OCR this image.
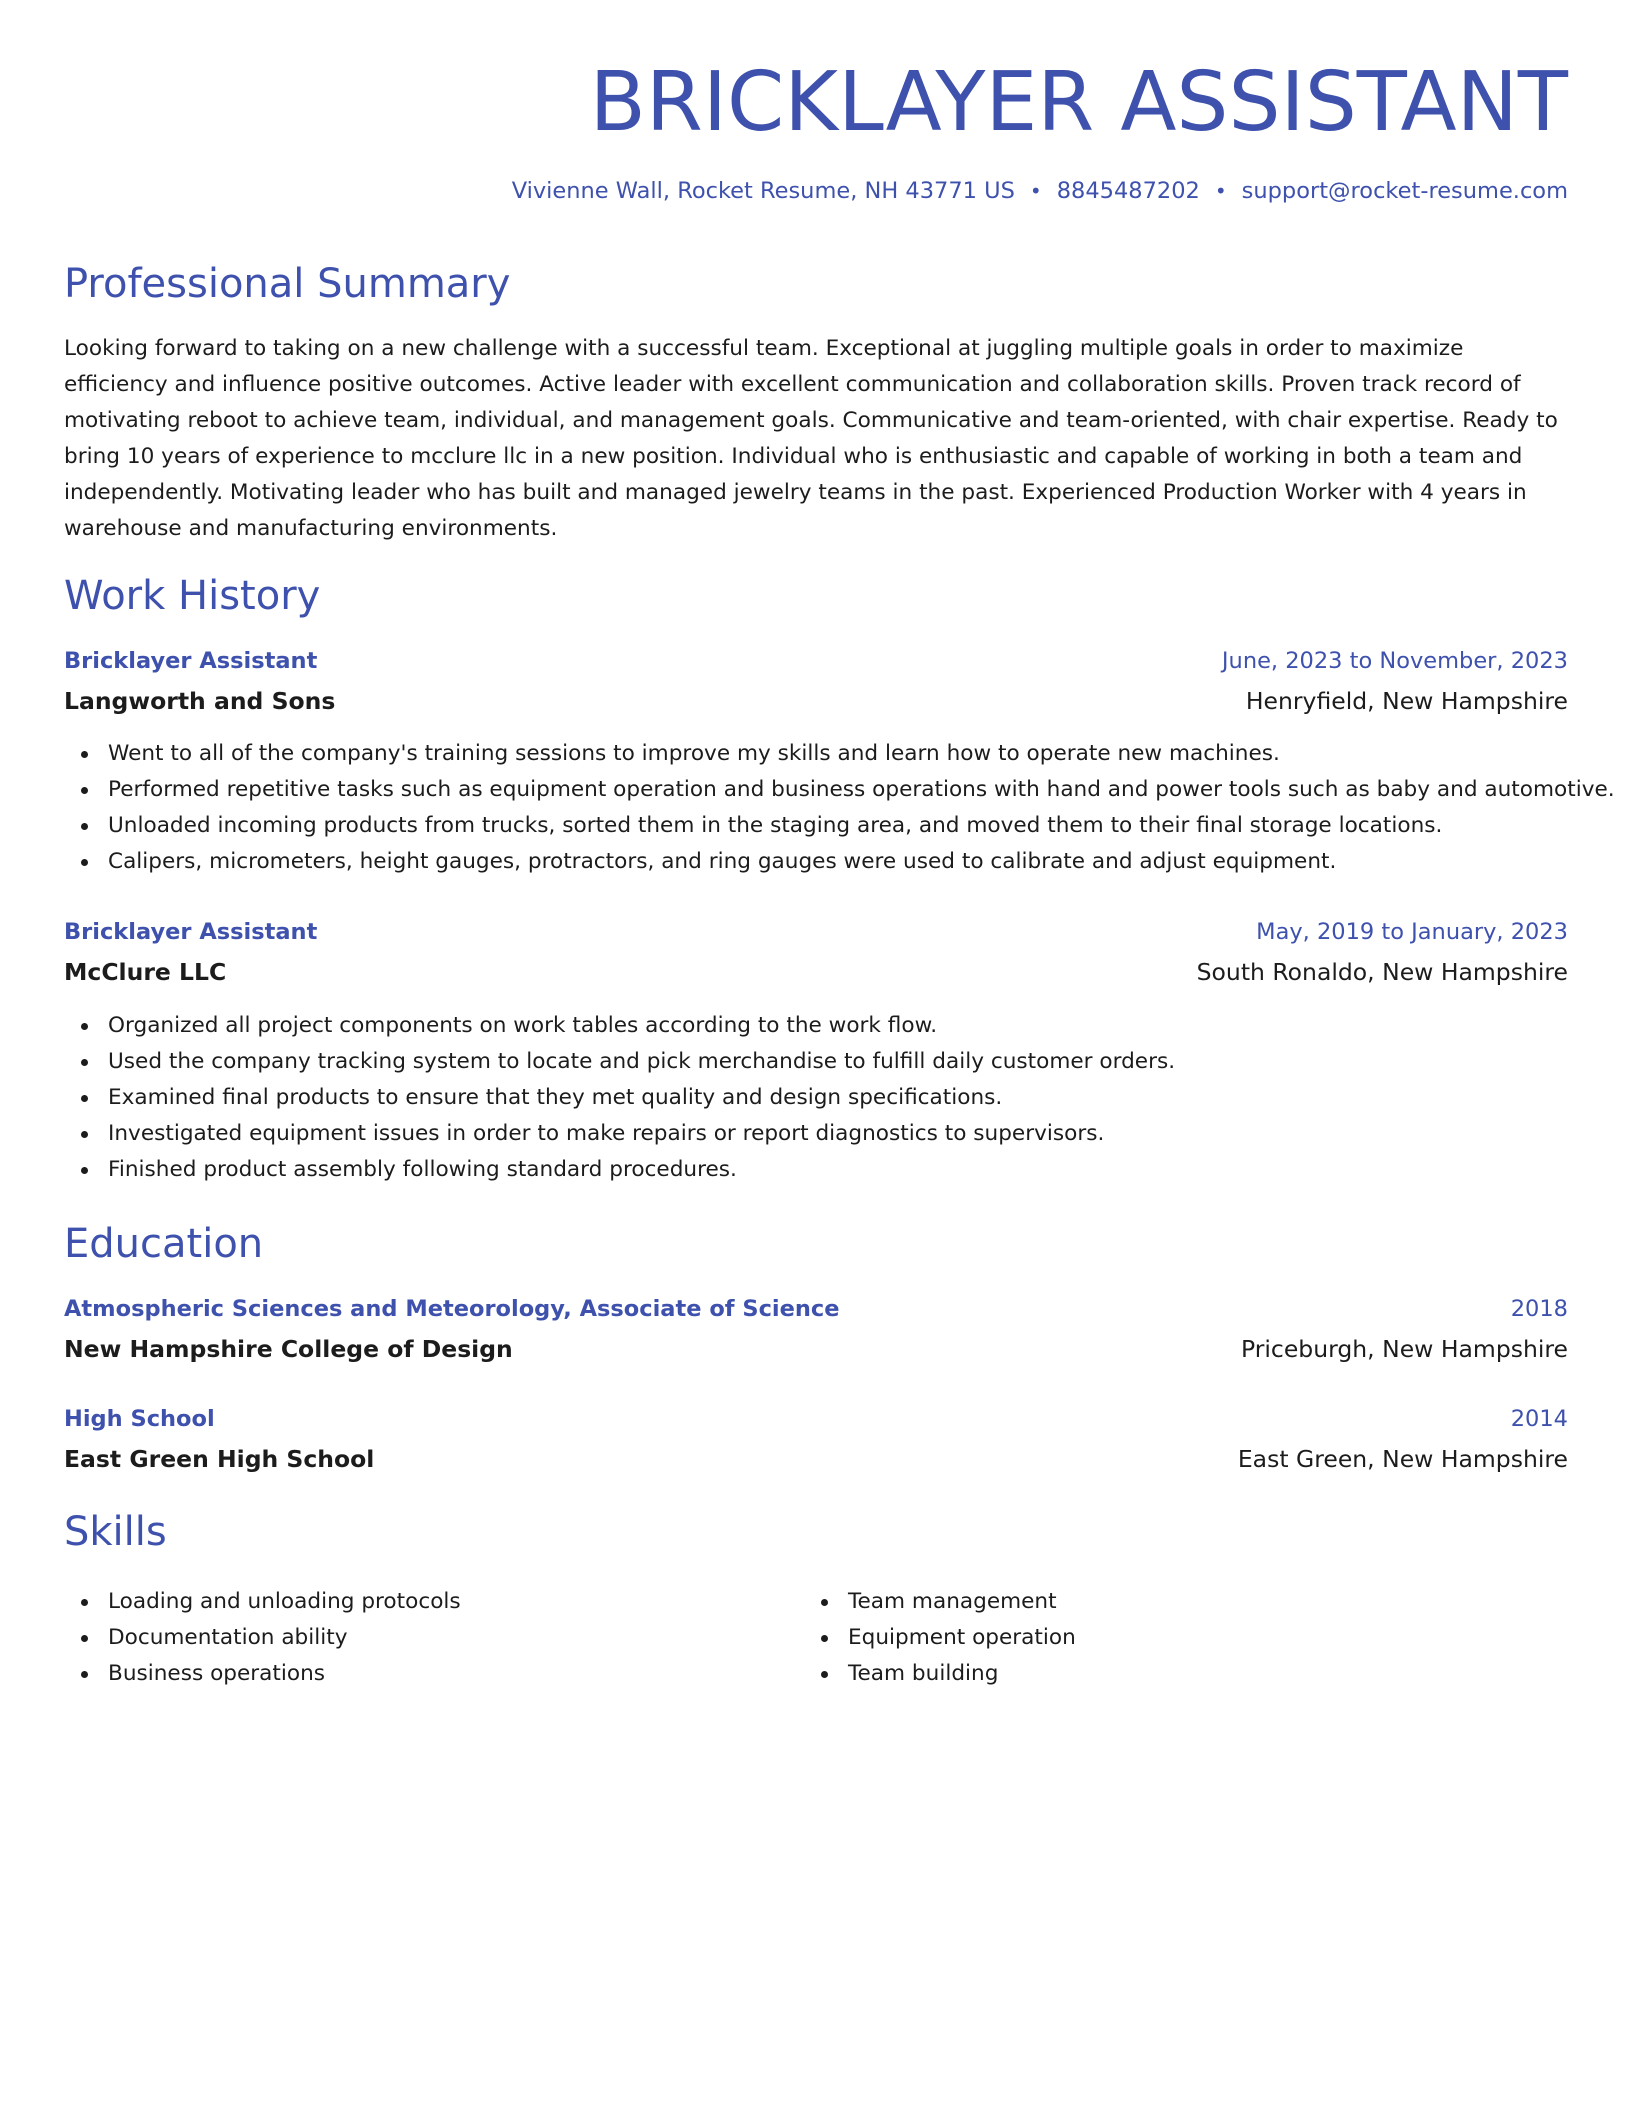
BRICKLAYER ASSISTANT
Vivienne Wall, Rocket Resume, NH 43771 US • 8845487202 • support@rocket-resume.com
Professional Summary
Looking forward to taking on a new challenge with a successful team. Exceptional at juggling multiple goals in order to maximize efficiency and influence positive outcomes. Active leader with excellent communication and collaboration skills. Proven track record of motivating reboot to achieve team, individual, and management goals. Communicative and team-oriented, with chair expertise. Ready to bring 10 years of experience to mcclure llc in a new position. Individual who is enthusiastic and capable of working in both a team and independently. Motivating leader who has built and managed jewelry teams in the past. Experienced Production Worker with 4 years in warehouse and manufacturing environments.
Work History
Bricklayer Assistant	June, 2023 to November, 2023
Langworth and Sons	Henryfield, New Hampshire
Went to all of the company's training sessions to improve my skills and learn how to operate new machines.
Performed repetitive tasks such as equipment operation and business operations with hand and power tools such as baby and automotive.
Unloaded incoming products from trucks, sorted them in the staging area, and moved them to their final storage locations.
Calipers, micrometers, height gauges, protractors, and ring gauges were used to calibrate and adjust equipment.
Bricklayer Assistant	May, 2019 to January, 2023
McClure LLC	South Ronaldo, New Hampshire
Organized all project components on work tables according to the work flow.
Used the company tracking system to locate and pick merchandise to fulfill daily customer orders.
Examined final products to ensure that they met quality and design specifications.
Investigated equipment issues in order to make repairs or report diagnostics to supervisors.
Finished product assembly following standard procedures.
Education
Atmospheric Sciences and Meteorology, Associate of Science	2018
New Hampshire College of Design	Priceburgh, New Hampshire
High School	2014
East Green High School	East Green, New Hampshire
Skills
Loading and unloading protocols
Documentation ability
Business operations
Team management
Equipment operation
Team building
